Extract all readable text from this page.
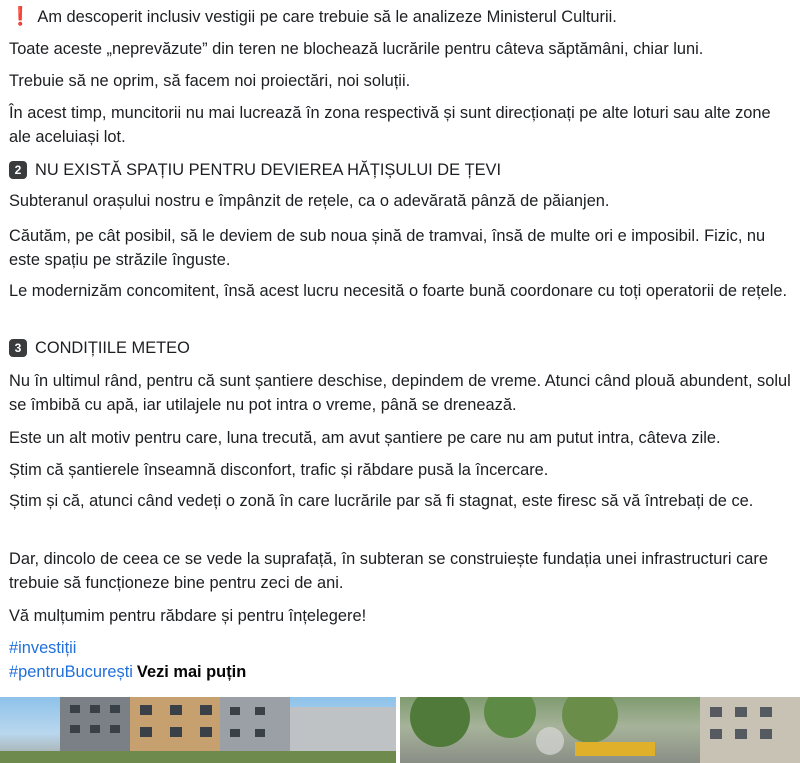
❗ Am descoperit inclusiv vestigii pe care trebuie să le analizeze Ministerul Culturii.

Toate aceste „neprevăzute” din teren ne blochează lucrările pentru câteva săptămâni, chiar luni.

Trebuie să ne oprim, să facem noi proiectări, noi soluții.

În acest timp, muncitorii nu mai lucrează în zona respectivă și sunt direcționați pe alte loturi sau alte zone ale aceluiași lot.

2 NU EXISTĂ SPAȚIU PENTRU DEVIEREA HĂȚIȘULUI DE ȚEVI

Subteranul orașului nostru e împânzit de rețele, ca o adevărată pânză de păianjen.

Căutăm, pe cât posibil, să le deviem de sub noua șină de tramvai, însă de multe ori e imposibil. Fizic, nu este spațiu pe străzile înguste.

Le modernizăm concomitent, însă acest lucru necesită o foarte bună coordonare cu toți operatorii de rețele.

3 CONDIȚIILE METEO

Nu în ultimul rând, pentru că sunt șantiere deschise, depindem de vreme. Atunci când plouă abundent, solul se îmbibă cu apă, iar utilajele nu pot intra o vreme, până se drenează.

Este un alt motiv pentru care, luna trecută, am avut șantiere pe care nu am putut intra, câteva zile.

Știm că șantierele înseamnă disconfort, trafic și răbdare pusă la încercare.

Știm și că, atunci când vedeți o zonă în care lucrările par să fi stagnat, este firesc să vă întrebați de ce.

Dar, dincolo de ceea ce se vede la suprafață, în subteran se construiește fundația unei infrastructuri care trebuie să funcționeze bine pentru zeci de ani.

Vă mulțumim pentru răbdare și pentru înțelegere!

#investiții

#pentruBucurești Vezi mai puțin
